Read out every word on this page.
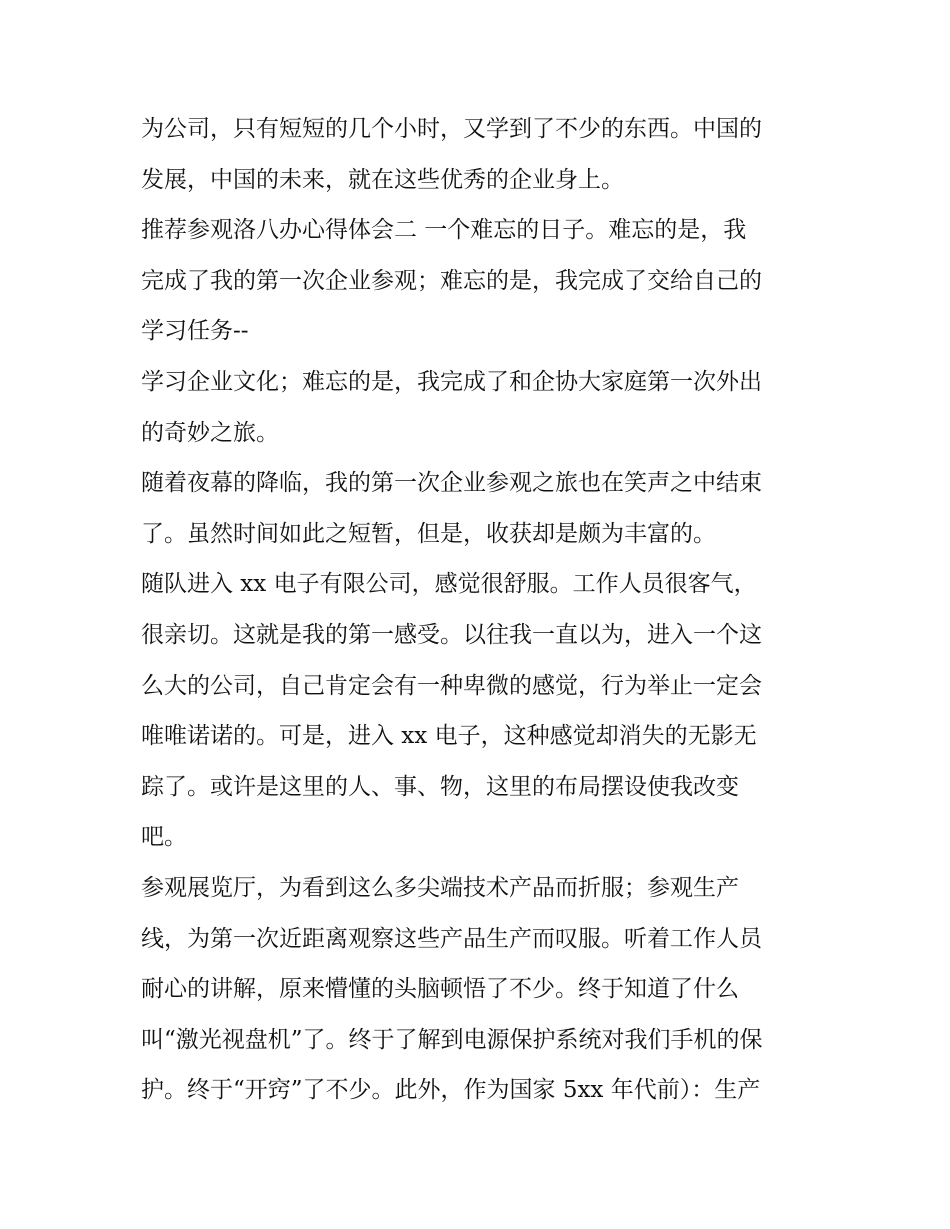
为公司，只有短短的几个小时，又学到了不少的东西。中国的
发展，中国的未来，就在这些优秀的企业身上。
推荐参观洛八办心得体会二 一个难忘的日子。难忘的是，我
完成了我的第一次企业参观；难忘的是，我完成了交给自己的
学习任务--
学习企业文化；难忘的是，我完成了和企协大家庭第一次外出
的奇妙之旅。
随着夜幕的降临，我的第一次企业参观之旅也在笑声之中结束
了。虽然时间如此之短暂，但是，收获却是颇为丰富的。
随队进入 xx 电子有限公司，感觉很舒服。工作人员很客气，
很亲切。这就是我的第一感受。以往我一直以为，进入一个这
么大的公司，自己肯定会有一种卑微的感觉，行为举止一定会
唯唯诺诺的。可是，进入 xx 电子，这种感觉却消失的无影无
踪了。或许是这里的人、事、物，这里的布局摆设使我改变
吧。
参观展览厅，为看到这么多尖端技术产品而折服；参观生产
线，为第一次近距离观察这些产品生产而叹服。听着工作人员
耐心的讲解，原来懵懂的头脑顿悟了不少。终于知道了什么
叫“激光视盘机”了。终于了解到电源保护系统对我们手机的保
护。终于“开窍”了不少。此外，作为国家 5xx 年代前）：生产
